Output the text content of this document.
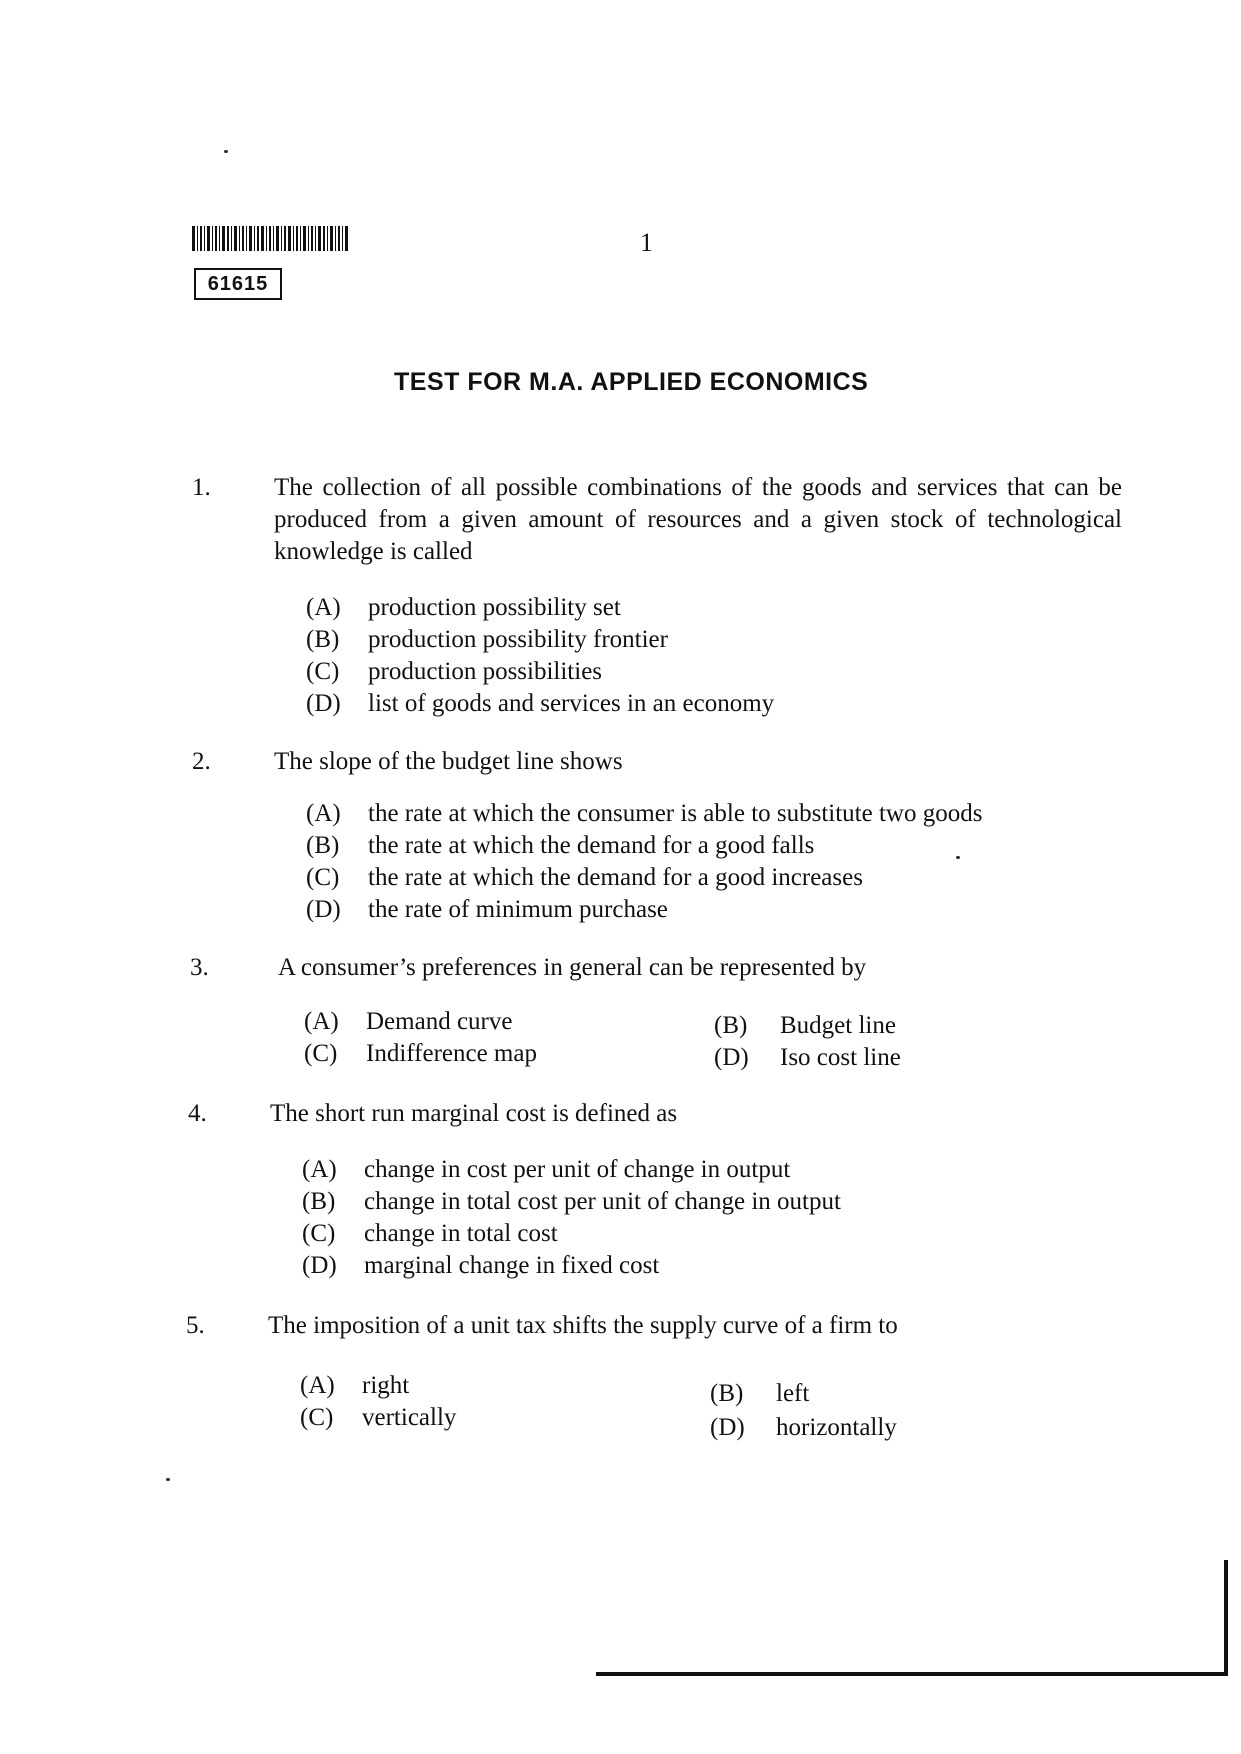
61615
1
TEST FOR M.A. APPLIED ECONOMICS
1.	The collection of all possible combinations of the goods and services that can be produced from a given amount of resources and a given stock of technological knowledge is called
(A) production possibility set
(B) production possibility frontier
(C) production possibilities
(D) list of goods and services in an economy
2.	The slope of the budget line shows
(A) the rate at which the consumer is able to substitute two goods
(B) the rate at which the demand for a good falls
(C) the rate at which the demand for a good increases
(D) the rate of minimum purchase
3.	A consumer’s preferences in general can be represented by
(A) Demand curve	(B) Budget line
(C) Indifference map	(D) Iso cost line
4.	The short run marginal cost is defined as
(A) change in cost per unit of change in output
(B) change in total cost per unit of change in output
(C) change in total cost
(D) marginal change in fixed cost
5.	The imposition of a unit tax shifts the supply curve of a firm to
(A) right	(B) left
(C) vertically	(D) horizontally
